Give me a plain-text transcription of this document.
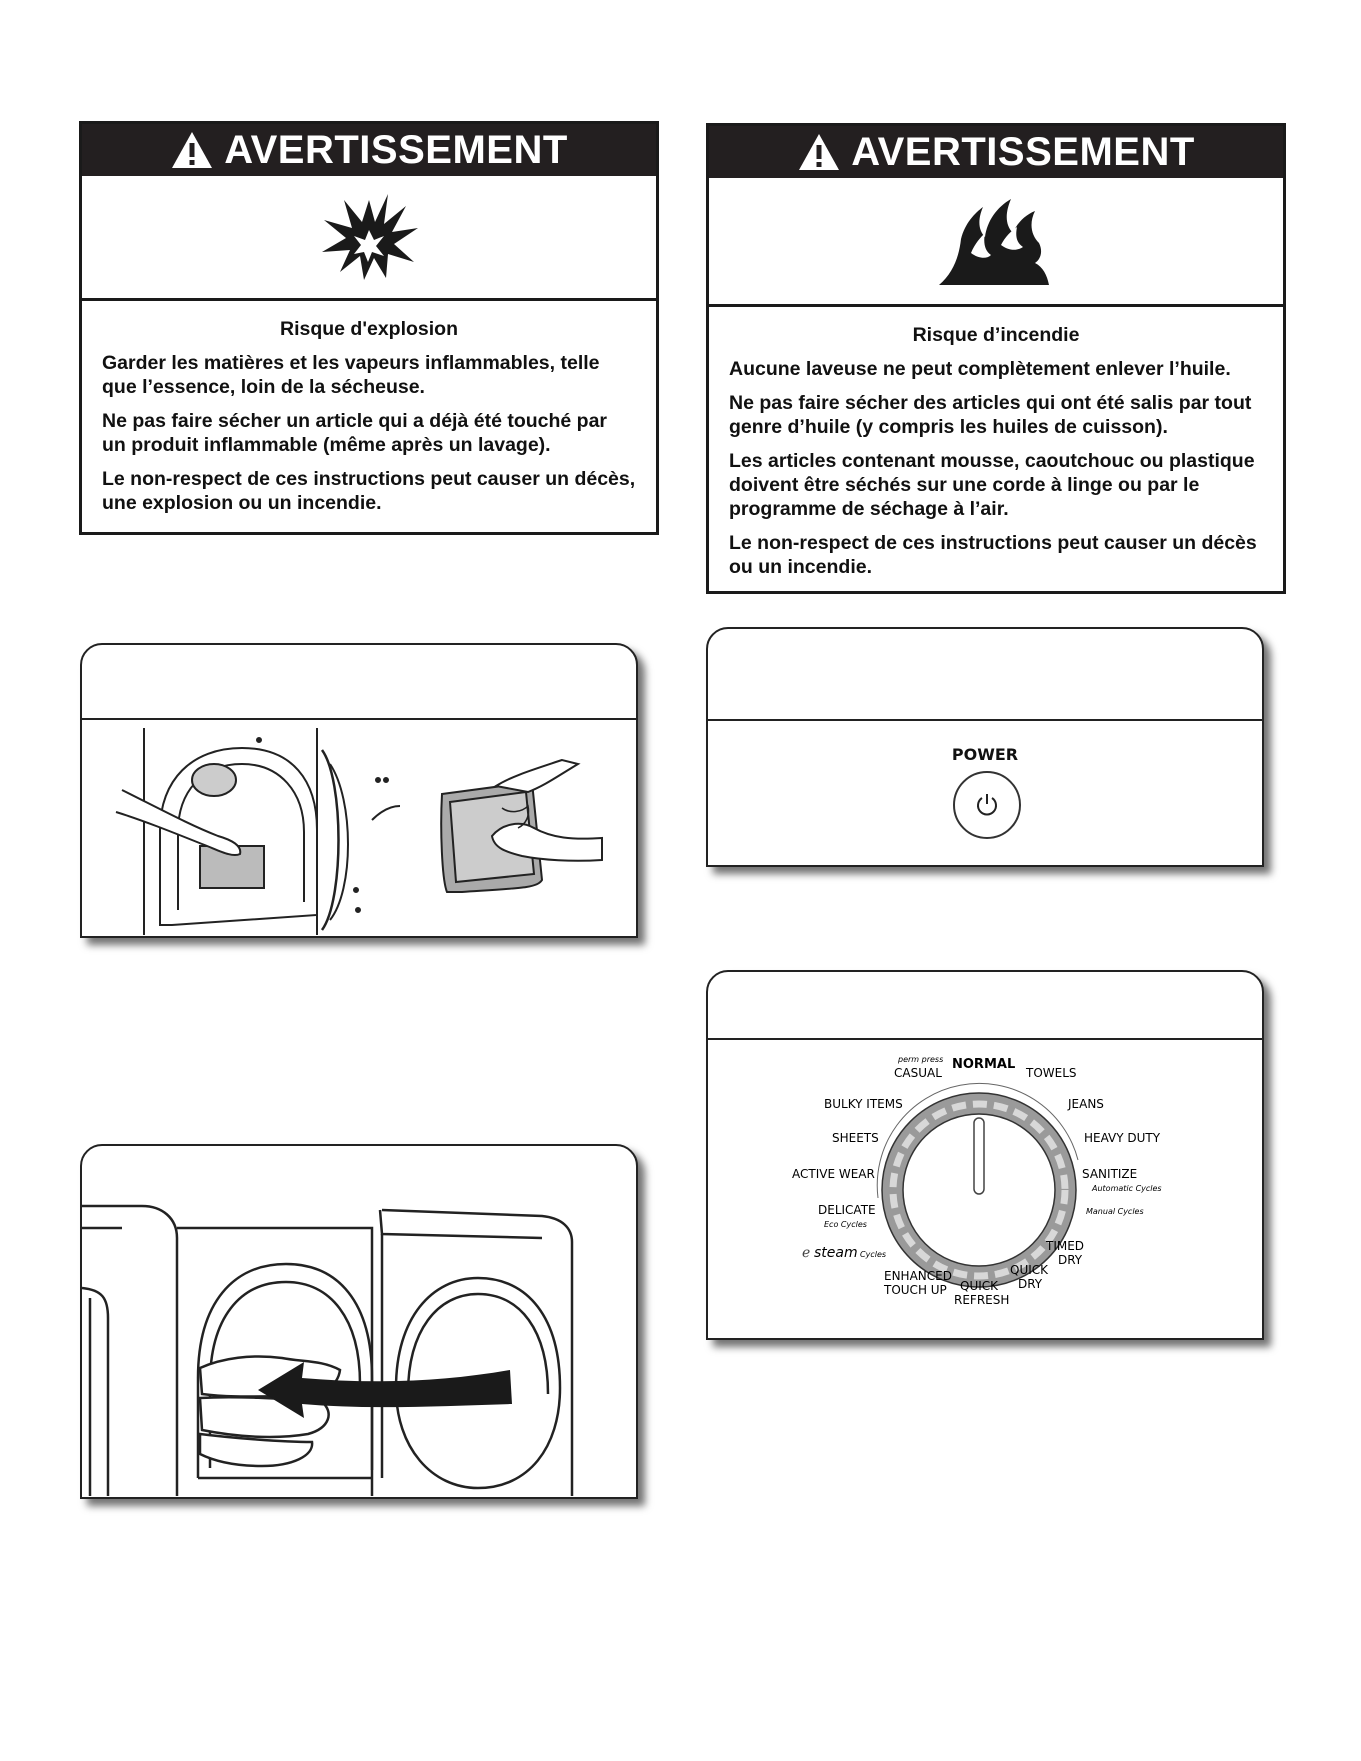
AVERTISSEMENT

Risque d'explosion

Garder les matières et les vapeurs inflammables, telle que l’essence, loin de la sécheuse.

Ne pas faire sécher un article qui a déjà été touché par un produit inflammable (même après un lavage).

Le non-respect de ces instructions peut causer un décès, une explosion ou un incendie.

AVERTISSEMENT

Risque d’incendie

Aucune laveuse ne peut complètement enlever l’huile.

Ne pas faire sécher des articles qui ont été salis par tout genre d’huile (y compris les huiles de cuisson).

Les articles contenant mousse, caoutchouc ou plastique doivent être séchés sur une corde à linge ou par le programme de séchage à l’air.

Le non-respect de ces instructions peut causer un décès ou un incendie.

POWER
perm press
CASUAL
NORMAL
TOWELS
BULKY ITEMS	JEANS
SHEETS	HEAVY DUTY
ACTIVE WEAR	SANITIZE
Automatic Cycles
DELICATE	Manual Cycles
Eco Cycles
ℯ steam Cycles
TIMED
DRY
QUICK
DRY
ENHANCED
TOUCH UP QUICK
REFRESH
